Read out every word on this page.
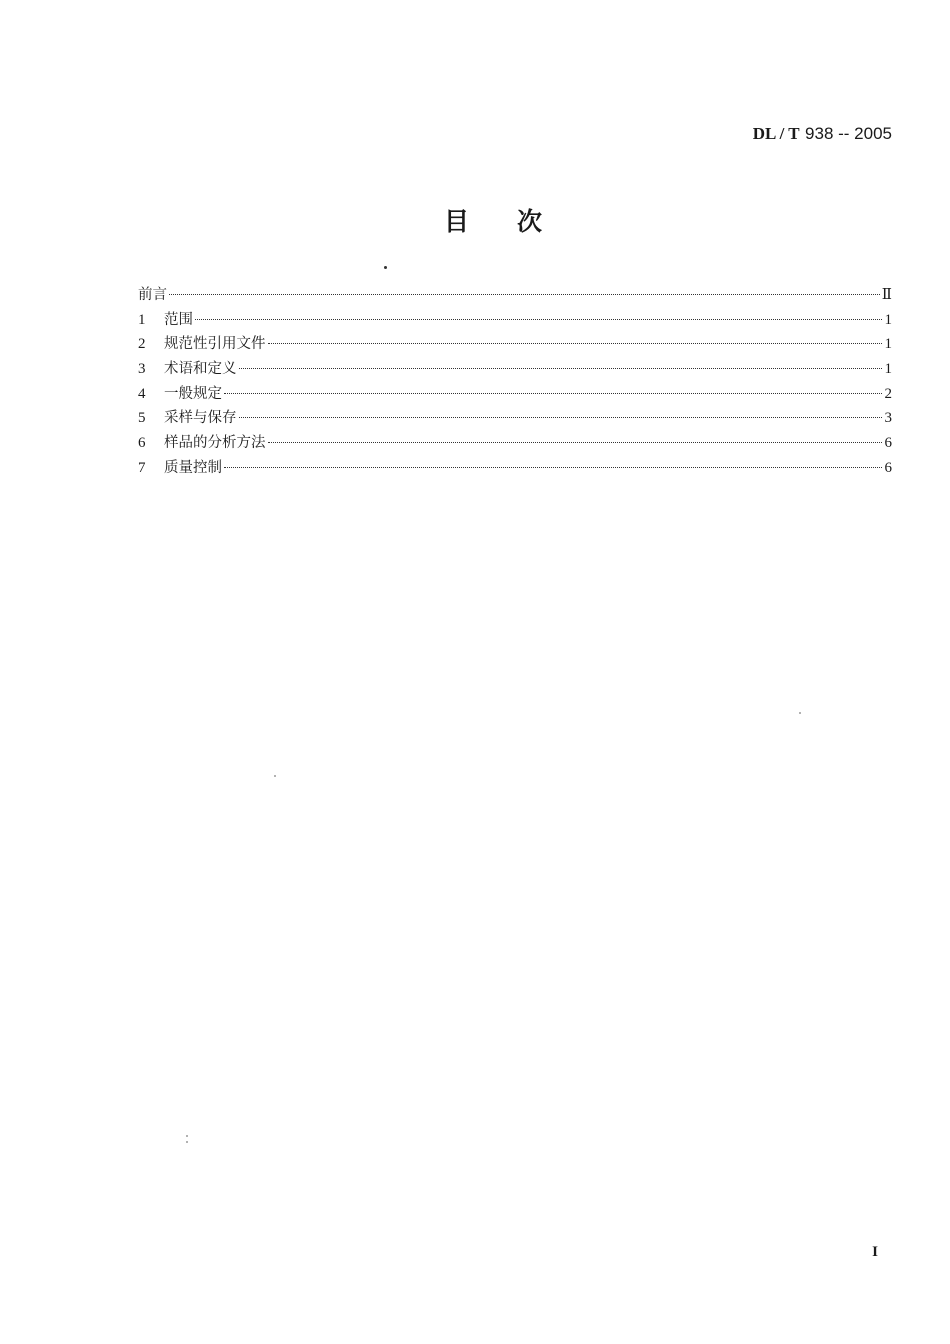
DL / T 938 -- 2005
目次
前言	Ⅱ
1	范围	1
2	规范性引用文件	1
3	术语和定义	1
4	一般规定	2
5	采样与保存	3
6	样品的分析方法	6
7	质量控制	6
I
